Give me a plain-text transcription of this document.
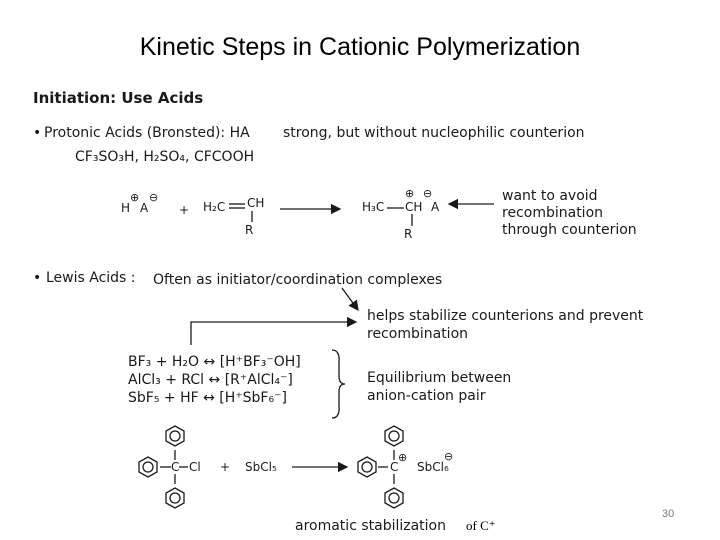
Kinetic Steps in Cationic Polymerization
Initiation: Use Acids
• Protonic Acids (Bronsted): HA strong, but without nucleophilic counterion
CF₃SO₃H, H₂SO₄, CFCOOH
H A
⊕ ⊖
+ H₂C CH
R
H₃C CH
⊕ ⊖
A
R
want to avoid
recombination
through counterion
• Lewis Acids : Often as initiator/coordination complexes
helps stabilize counterions and prevent
recombination
BF₃ + H₂O ↔ [H⁺BF₃⁻OH]
AlCl₃ + RCl ↔ [R⁺AlCl₄⁻]
SbF₅ + HF ↔ [H⁺SbF₆⁻]
Equilibrium between
anion-cation pair
C Cl + SbCl₅	C
⊕
SbCl₆
⊖
aromatic stabilization of C⁺
30
